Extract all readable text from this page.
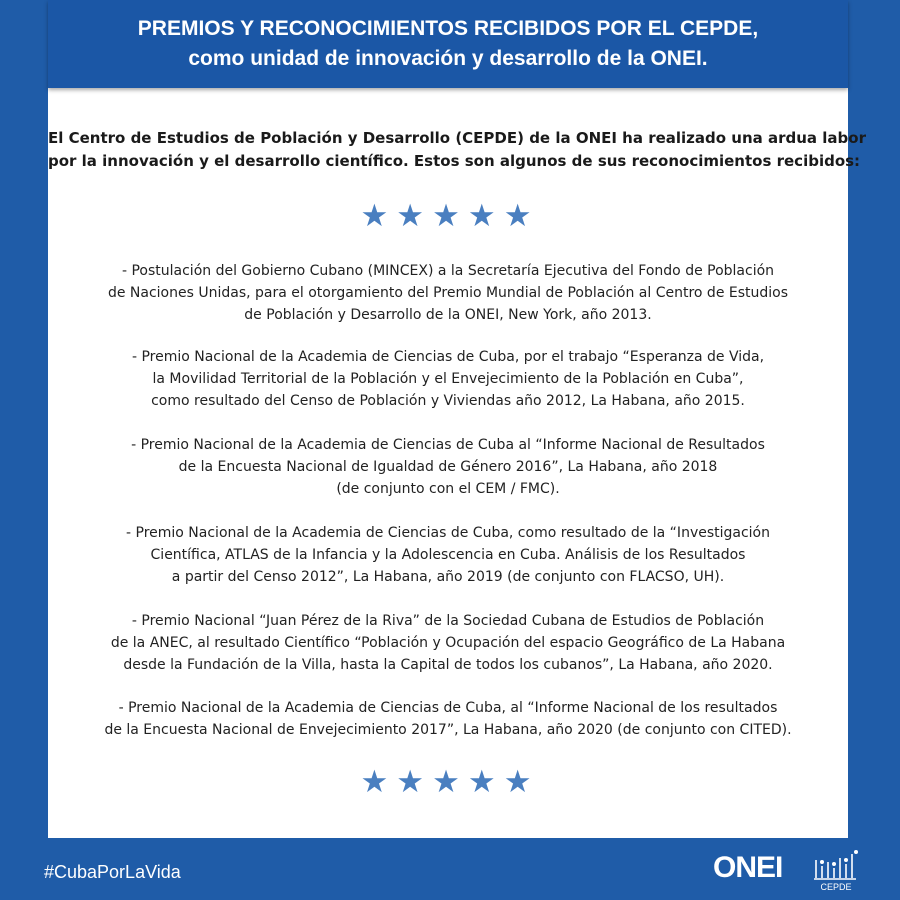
PREMIOS Y RECONOCIMIENTOS RECIBIDOS POR EL CEPDE,
como unidad de innovación y desarrollo de la ONEI.
El Centro de Estudios de Población y Desarrollo (CEPDE) de la ONEI ha realizado una ardua labor
por la innovación y el desarrollo científico. Estos son algunos de sus reconocimientos recibidos:
★★★★★
- Postulación del Gobierno Cubano (MINCEX) a la Secretaría Ejecutiva del Fondo de Población
de Naciones Unidas, para el otorgamiento del Premio Mundial de Población al Centro de Estudios
de Población y Desarrollo de la ONEI, New York, año 2013.
- Premio Nacional de la Academia de Ciencias de Cuba, por el trabajo “Esperanza de Vida,
la Movilidad Territorial de la Población y el Envejecimiento de la Población en Cuba”,
como resultado del Censo de Población y Viviendas año 2012, La Habana, año 2015.
- Premio Nacional de la Academia de Ciencias de Cuba al “Informe Nacional de Resultados
de la Encuesta Nacional de Igualdad de Género 2016”, La Habana, año 2018
(de conjunto con el CEM / FMC).
- Premio Nacional de la Academia de Ciencias de Cuba, como resultado de la “Investigación
Científica, ATLAS de la Infancia y la Adolescencia en Cuba. Análisis de los Resultados
a partir del Censo 2012”, La Habana, año 2019 (de conjunto con FLACSO, UH).
- Premio Nacional “Juan Pérez de la Riva” de la Sociedad Cubana de Estudios de Población
de la ANEC, al resultado Científico “Población y Ocupación del espacio Geográfico de La Habana
desde la Fundación de la Villa, hasta la Capital de todos los cubanos”, La Habana, año 2020.
- Premio Nacional de la Academia de Ciencias de Cuba, al “Informe Nacional de los resultados
de la Encuesta Nacional de Envejecimiento 2017”, La Habana, año 2020 (de conjunto con CITED).
★★★★★
#CubaPorLaVida	ONEI
CEPDE
